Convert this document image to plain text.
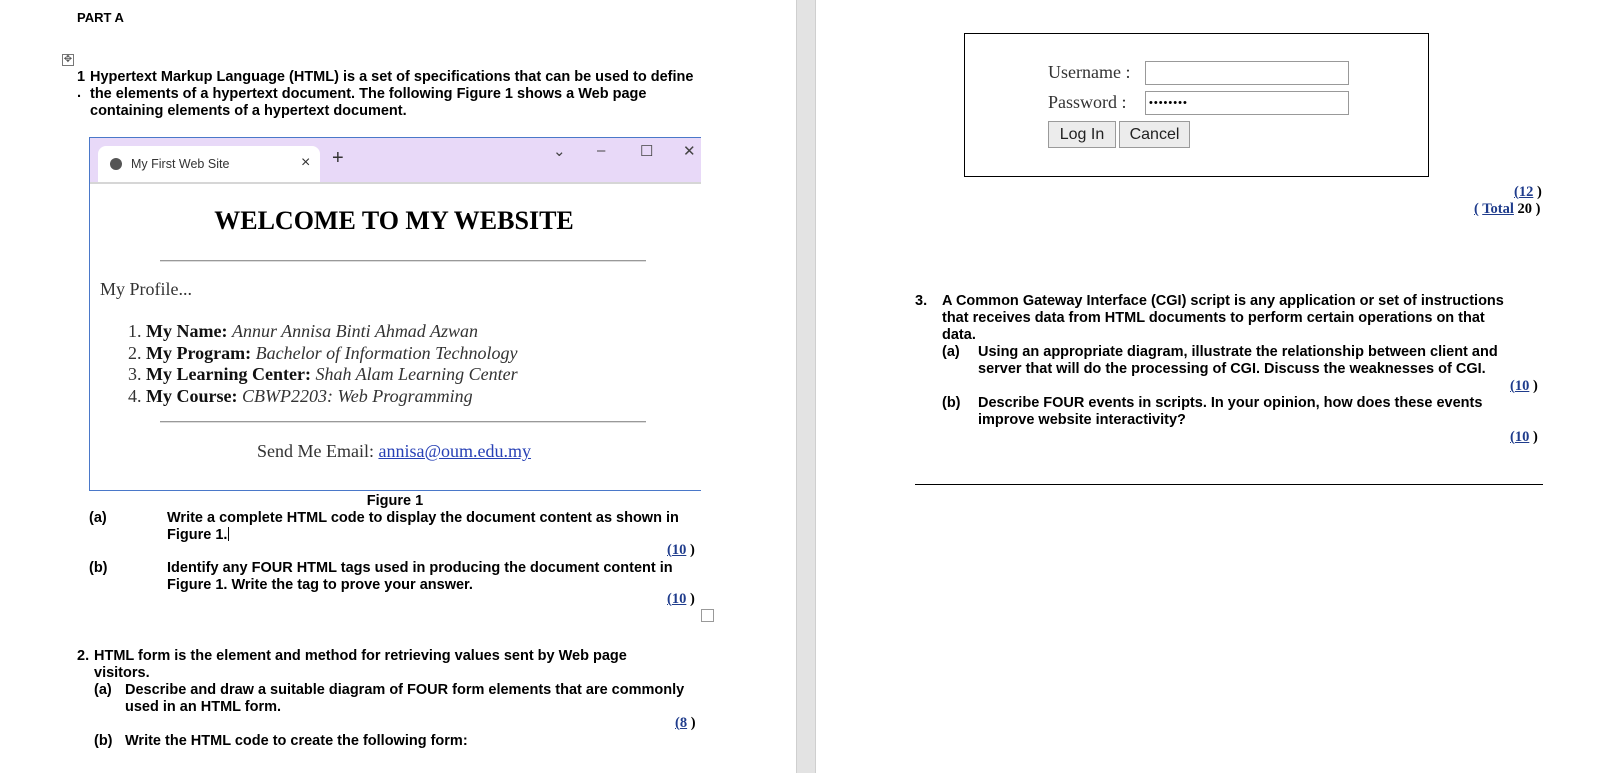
PART A
✥
1
.
Hypertext Markup Language (HTML) is a set of specifications that can be used to define
the elements of a hypertext document. The following Figure 1 shows a Web page
containing elements of a hypertext document.
My First Web Site	× +	⌄ – ☐ ✕
WELCOME TO MY WEBSITE
My Profile...
1. My Name: Annur Annisa Binti Ahmad Azwan
2. My Program: Bachelor of Information Technology
3. My Learning Center: Shah Alam Learning Center
4. My Course: CBWP2203: Web Programming
Send Me Email: annisa@oum.edu.my
Figure 1
(a)	Write a complete HTML code to display the document content as shown in
Figure 1.
(10 )
(b)	Identify any FOUR HTML tags used in producing the document content in
Figure 1. Write the tag to prove your answer.
(10 )
2. HTML form is the element and method for retrieving values sent by Web page
visitors.
(a) Describe and draw a suitable diagram of FOUR form elements that are commonly
used in an HTML form.
(8 )
(b) Write the HTML code to create the following form:
Username :
Password :	••••••••
Log In	Cancel
(12 )
( Total 20 )
3. A Common Gateway Interface (CGI) script is any application or set of instructions
that receives data from HTML documents to perform certain operations on that
data.
(a) Using an appropriate diagram, illustrate the relationship between client and
server that will do the processing of CGI. Discuss the weaknesses of CGI.
(10 )
(b) Describe FOUR events in scripts. In your opinion, how does these events
improve website interactivity?
(10 )
